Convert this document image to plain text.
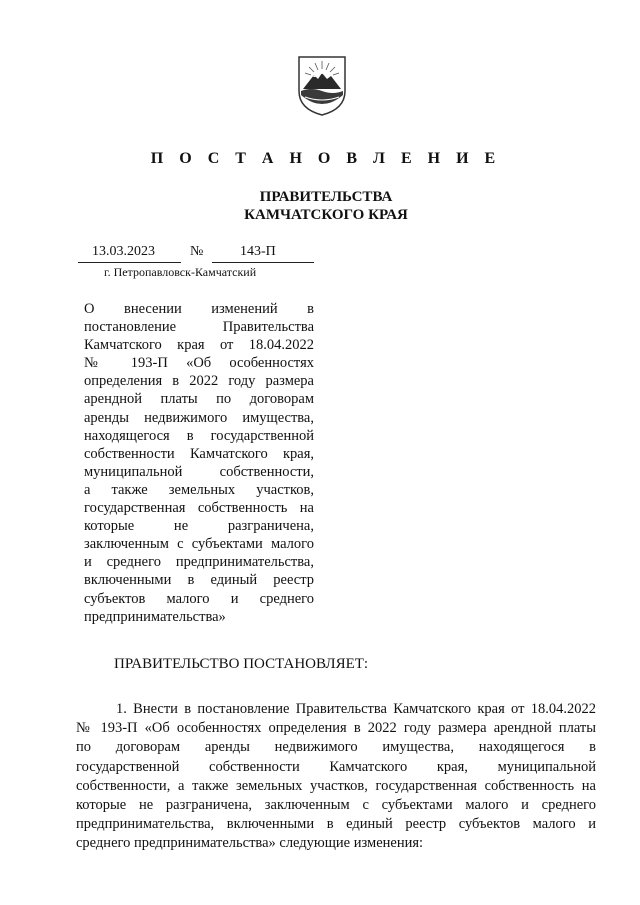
П О С Т А Н О В Л Е Н И Е
ПРАВИТЕЛЬСТВА
КАМЧАТСКОГО КРАЯ
13.03.2023	№	143-П
г. Петропавловск-Камчатский
О внесении изменений в
постановление Правительства
Камчатского края от 18.04.2022
№ 193-П «Об особенностях
определения в 2022 году размера
арендной платы по договорам
аренды недвижимого имущества,
находящегося в государственной
собственности Камчатского края,
муниципальной собственности,
а также земельных участков,
государственная собственность на
которые не разграничена,
заключенным с субъектами малого
и среднего предпринимательства,
включенными в единый реестр
субъектов малого и среднего
предпринимательства»
ПРАВИТЕЛЬСТВО ПОСТАНОВЛЯЕТ:
1. Внести в постановление Правительства Камчатского края от 18.04.2022
№ 193-П «Об особенностях определения в 2022 году размера арендной платы
по договорам аренды недвижимого имущества, находящегося в
государственной собственности Камчатского края, муниципальной
собственности, а также земельных участков, государственная собственность на
которые не разграничена, заключенным с субъектами малого и среднего
предпринимательства, включенными в единый реестр субъектов малого и
среднего предпринимательства» следующие изменения:
